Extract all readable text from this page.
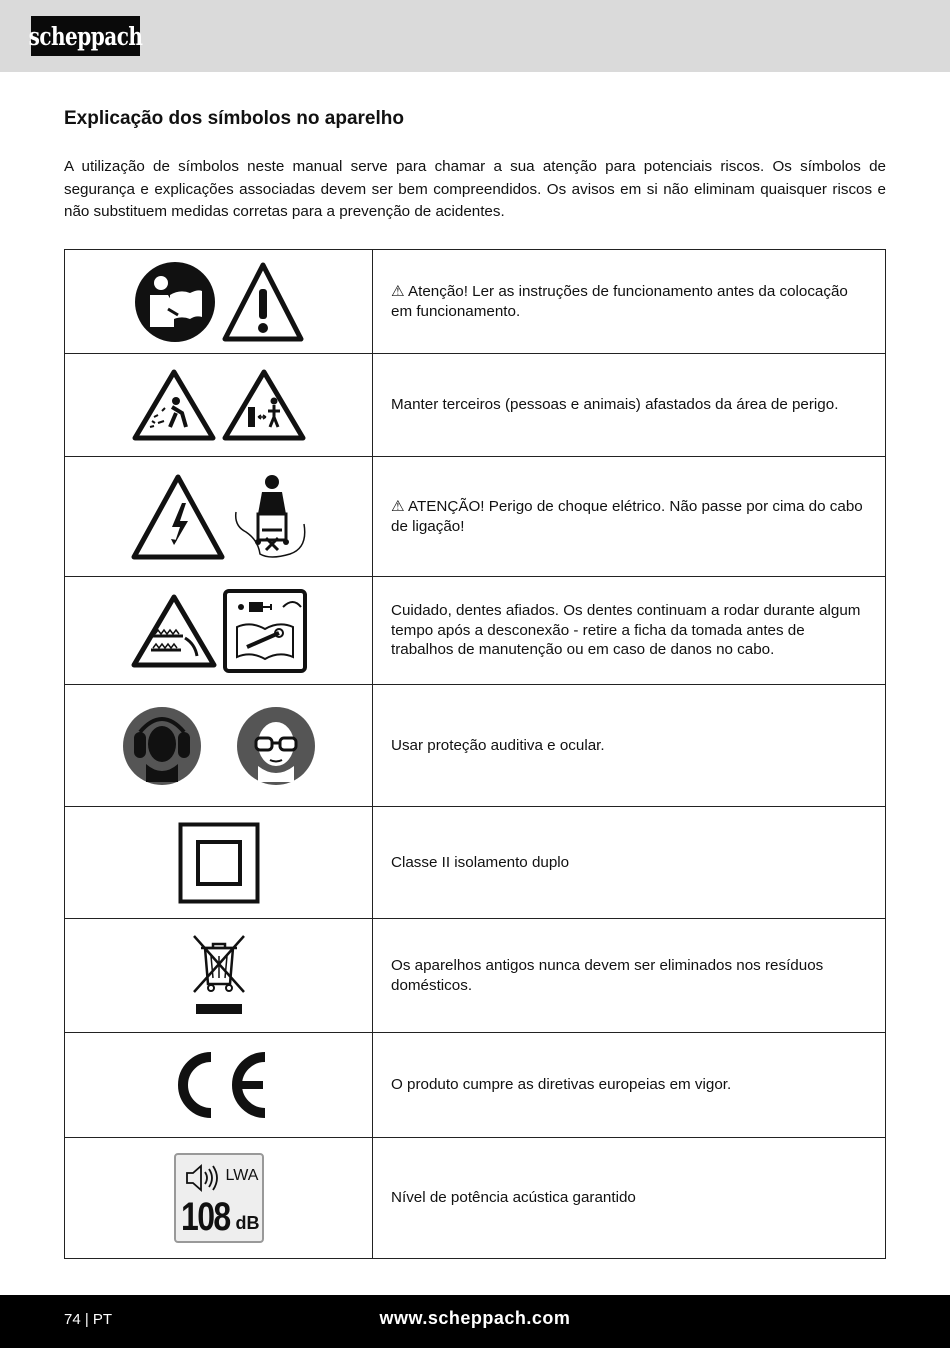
scheppach
Explicação dos símbolos no aparelho

A utilização de símbolos neste manual serve para chamar a sua atenção para potenciais riscos. Os símbolos de segurança e explicações associadas devem ser bem compreendidos. Os avisos em si não eliminam quaisquer riscos e não substituem medidas corretas para a prevenção de acidentes.

	⚠ Atenção! Ler as instruções de funcionamento antes da colocação em funcionamento.

	Manter terceiros (pessoas e animais) afastados da área de perigo.

	⚠ ATENÇÃO! Perigo de choque elétrico. Não passe por cima do cabo de ligação!

	Cuidado, dentes afiados. Os dentes continuam a rodar durante algum tempo após a desconexão - retire a ficha da tomada antes de trabalhos de manutenção ou em caso de danos no cabo.

	Usar proteção auditiva e ocular.

	Classe II isolamento duplo

	Os aparelhos antigos nunca devem ser eliminados nos resíduos domésticos.

	O produto cumpre as diretivas europeias em vigor.

LWA
108 dB	Nível de potência acústica garantido
74 | PT	www.scheppach.com
